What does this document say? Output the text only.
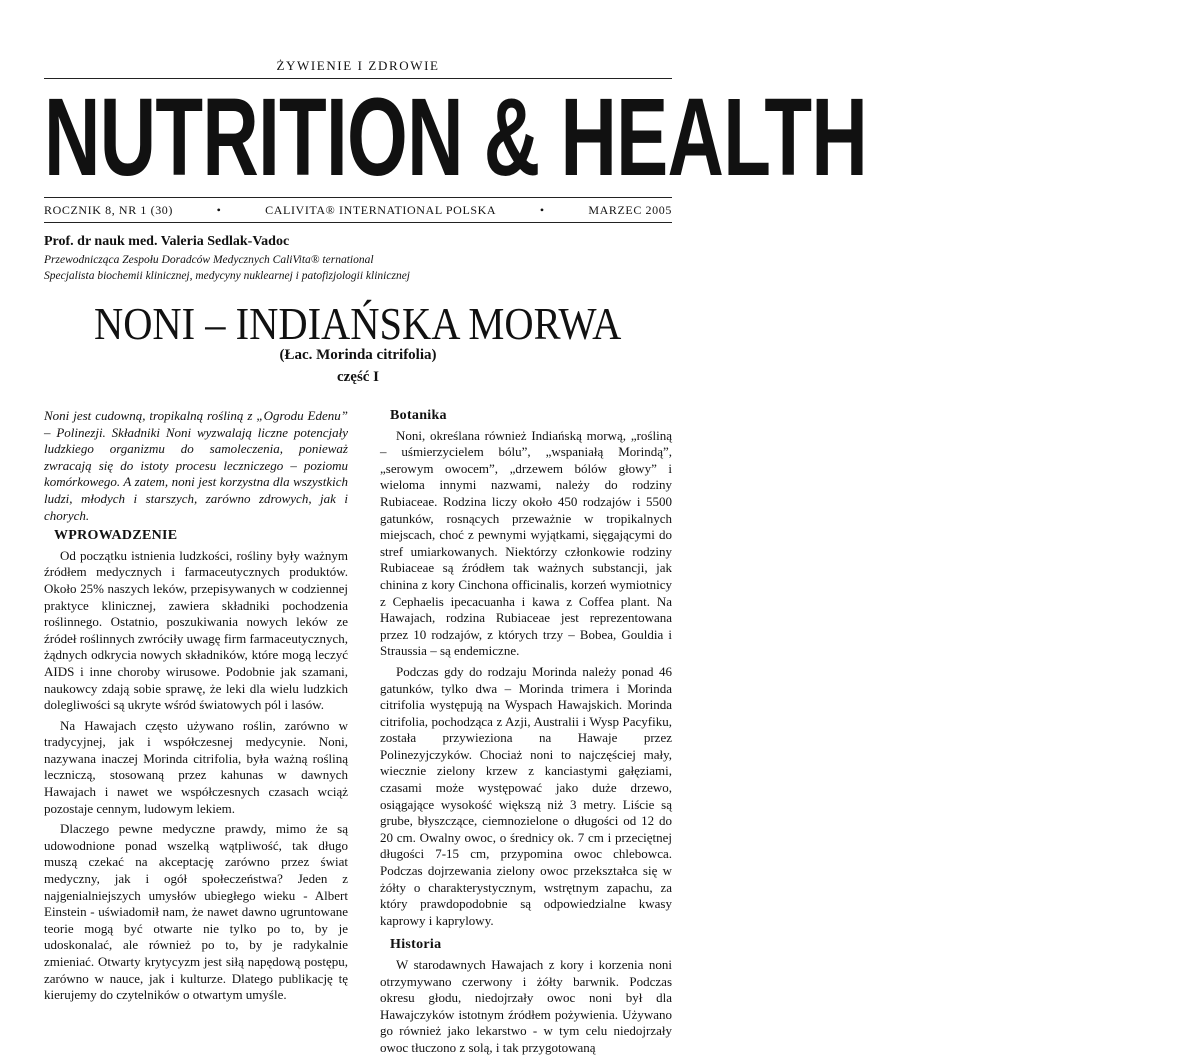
ŻYWIENIE I ZDROWIE
NUTRITION & HEALTH
ROCZNIK 8, NR 1 (30)	•	CALIVITA® INTERNATIONAL POLSKA	•	MARZEC 2005
Prof. dr nauk med. Valeria Sedlak-Vadoc
Przewodnicząca Zespołu Doradców Medycznych CaliVita® ternational
Specjalista biochemii klinicznej, medycyny nuklearnej i patofizjologii klinicznej
NONI – INDIAŃSKA MORWA
(Łac. Morinda citrifolia)
część I

Noni jest cudowną, tropikalną rośliną z „Ogrodu Edenu” – Polinezji. Składniki Noni wyzwalają liczne potencjały ludzkiego organizmu do samoleczenia, ponieważ zwracają się do istoty procesu leczniczego – poziomu komórkowego. A zatem, noni jest korzystna dla wszystkich ludzi, młodych i starszych, zarówno zdrowych, jak i chorych.

WPROWADZENIE

Od początku istnienia ludzkości, rośliny były ważnym źródłem medycznych i farmaceutycznych produktów. Około 25% naszych leków, przepisywanych w codziennej praktyce klinicznej, zawiera składniki pochodzenia roślinnego. Ostatnio, poszukiwania nowych leków ze źródeł roślinnych zwróciły uwagę firm farmaceutycznych, żądnych odkrycia nowych składników, które mogą leczyć AIDS i inne choroby wirusowe. Podobnie jak szamani, naukowcy zdają sobie sprawę, że leki dla wielu ludzkich dolegliwości są ukryte wśród światowych pól i lasów.

Na Hawajach często używano roślin, zarówno w tradycyjnej, jak i współczesnej medycynie. Noni, nazywana inaczej Morinda citrifolia, była ważną rośliną leczniczą, stosowaną przez kahunas w dawnych Hawajach i nawet we współczesnych czasach wciąż pozostaje cennym, ludowym lekiem.

Dlaczego pewne medyczne prawdy, mimo że są udowodnione ponad wszelką wątpliwość, tak długo muszą czekać na akceptację zarówno przez świat medyczny, jak i ogół społeczeństwa? Jeden z najgenialniejszych umysłów ubiegłego wieku - Albert Einstein - uświadomił nam, że nawet dawno ugruntowane teorie mogą być otwarte nie tylko po to, by je udoskonalać, ale również po to, by je radykalnie zmieniać. Otwarty krytycyzm jest siłą napędową postępu, zarówno w nauce, jak i kulturze. Dlatego publikację tę kierujemy do czytelników o otwartym umyśle.

Botanika

Noni, określana również Indiańską morwą, „rośliną – uśmierzycielem bólu”, „wspaniałą Morindą”, „serowym owocem”, „drzewem bólów głowy” i wieloma innymi nazwami, należy do rodziny Rubiaceae. Rodzina liczy około 450 rodzajów i 5500 gatunków, rosnących przeważnie w tropikalnych miejscach, choć z pewnymi wyjątkami, sięgającymi do stref umiarkowanych. Niektórzy członkowie rodziny Rubiaceae są źródłem tak ważnych substancji, jak chinina z kory Cinchona officinalis, korzeń wymiotnicy z Cephaelis ipecacuanha i kawa z Coffea plant. Na Hawajach, rodzina Rubiaceae jest reprezentowana przez 10 rodzajów, z których trzy – Bobea, Gouldia i Straussia – są endemiczne.

Podczas gdy do rodzaju Morinda należy ponad 46 gatunków, tylko dwa – Morinda trimera i Morinda citrifolia występują na Wyspach Hawajskich. Morinda citrifolia, pochodząca z Azji, Australii i Wysp Pacyfiku, została przywieziona na Hawaje przez Polinezyjczyków. Chociaż noni to najczęściej mały, wiecznie zielony krzew z kanciastymi gałęziami, czasami może występować jako duże drzewo, osiągające wysokość większą niż 3 metry. Liście są grube, błyszczące, ciemnozielone o długości od 12 do 20 cm. Owalny owoc, o średnicy ok. 7 cm i przeciętnej długości 7-15 cm, przypomina owoc chlebowca. Podczas dojrzewania zielony owoc przekształca się w żółty o charakterystycznym, wstrętnym zapachu, za który prawdopodobnie są odpowiedzialne kwasy kaprowy i kaprylowy.

Historia

W starodawnych Hawajach z kory i korzenia noni otrzymywano czerwony i żółty barwnik. Podczas okresu głodu, niedojrzały owoc noni był dla Hawajczyków istotnym źródłem pożywienia. Używano go również jako lekarstwo - w tym celu niedojrzały owoc tłuczono z solą, i tak przygotowaną
